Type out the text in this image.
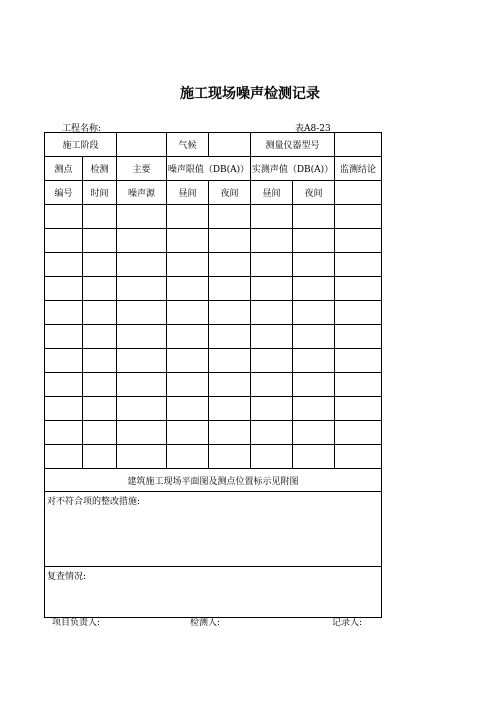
施工现场噪声检测记录
工程名称:	表A8-23
施工阶段			气候		测量仪器型号		
测点	检测	主要	噪声限值（DB(A)）		实测声值（DB(A)）		监测结论
编号	时间	噪声源	昼间	夜间	昼间	夜间	

建筑施工现场平面图及测点位置标示见附图							
对不符合项的整改措施:							
复查情况:							
项目负责人:	检测人:	记录人:
